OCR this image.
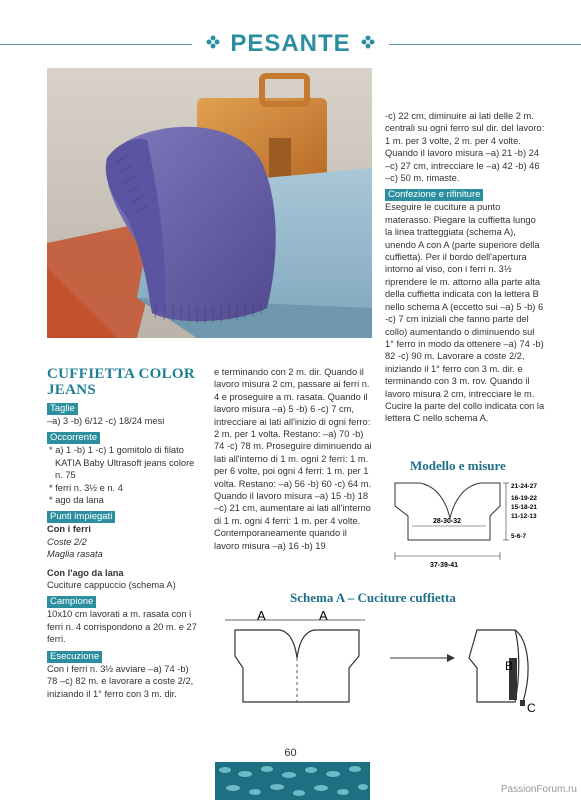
PESANTE

CUFFIETTA COLOR JEANS

Taglie

–a) 3 -b) 6/12 -c) 18/24 mesi

Occorrente

* a) 1 -b) 1 -c) 1 gomitolo di filato KATIA Baby Ultrasoft jeans colore n. 75

* ferri n. 3½ e n. 4

* ago da lana

Punti impiegati

Con i ferri

Coste 2/2

Maglia rasata

Con l'ago da lana

Cuciture cappuccio (schema A)

Campione

10x10 cm lavorati a m. rasata con i ferri n. 4 corrispondono a 20 m. e 27 ferri.

Esecuzione

Con i ferri n. 3½ avviare –a) 74 -b) 78 –c) 82 m. e lavorare a coste 2/2, iniziando il 1° ferro con 3 m. dir.

e terminando con 2 m. dir. Quando il lavoro misura 2 cm, passare ai ferri n. 4 e proseguire a m. rasata. Quando il lavoro misura –a) 5 -b) 6 -c) 7 cm, intrecciare ai lati all'inizio di ogni ferro: 2 m. per 1 volta. Restano: –a) 70 -b) 74 -c) 78 m. Proseguire diminuendo ai lati all'interno di 1 m. ogni 2 ferri: 1 m. per 6 volte, poi ogni 4 ferri: 1 m. per 1 volta. Restano: –a) 56 -b) 60 -c) 64 m. Quando il lavoro misura –a) 15 -b) 18 –c) 21 cm, aumentare ai lati all'interno di 1 m. ogni 4 ferri: 1 m. per 4 volte. Contemporaneamente quando il lavoro misura –a) 16 -b) 19

-c) 22 cm, diminuire ai lati delle 2 m. centrali su ogni ferro sul dir. del lavoro: 1 m. per 3 volte, 2 m. per 4 volte. Quando il lavoro misura –a) 21 -b) 24 –c) 27 cm, intrecciare le –a) 42 -b) 46 –c) 50 m. rimaste.

Confezione e rifiniture

Eseguire le cuciture a punto materasso. Piegare la cuffietta lungo la linea tratteggiata (schema A), unendo A con A (parte superiore della cuffietta). Per il bordo dell'apertura intorno al viso, con i ferri n. 3½ riprendere le m. attorno alla parte alta della cuffietta indicata con la lettera B nello schema A (eccetto sui –a) 5 -b) 6 -c) 7 cm iniziali che fanno parte del collo) aumentando o diminuendo sul 1° ferro in modo da ottenere –a) 74 -b) 82 -c) 90 m. Lavorare a coste 2/2, iniziando il 1° ferro con 3 m. dir. e terminando con 3 m. rov. Quando il lavoro misura 2 cm, intrecciare le m. Cucire la parte del collo indicata con la lettera C nello schema A.

Modello e misure
28-30-32
37-39-41
21-24-27
16-19-22
15-18-21
11-12-13
5-6-7
Schema A – Cuciture cuffietta
A	A
B
C
60
PassionForum.ru
